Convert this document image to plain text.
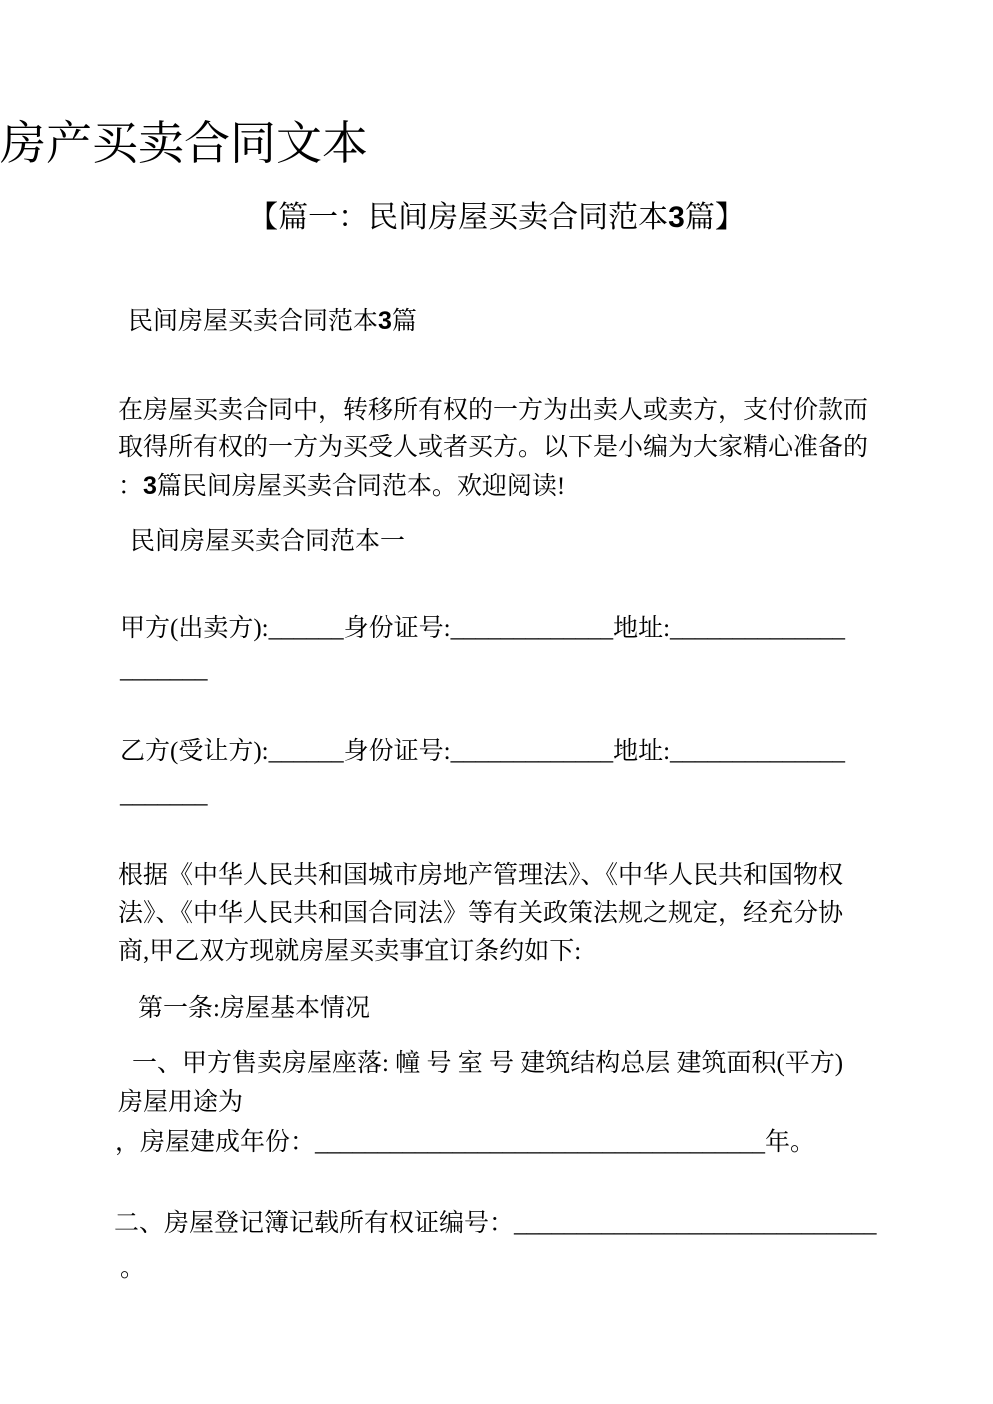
房产买卖合同文本
【篇一：民间房屋买卖合同范本3篇】
民间房屋买卖合同范本3篇
在房屋买卖合同中，转移所有权的一方为出卖人或卖方，支付价款而
取得所有权的一方为买受人或者买方。以下是小编为大家精心准备的
：3篇民间房屋买卖合同范本。欢迎阅读!
民间房屋买卖合同范本一
甲方(出卖方):______身份证号:_____________地址:______________
_______
乙方(受让方):______身份证号:_____________地址:______________
_______
根据《中华人民共和国城市房地产管理法》、《中华人民共和国物权
法》、《中华人民共和国合同法》等有关政策法规之规定，经充分协
商,甲乙双方现就房屋买卖事宜订条约如下:
第一条:房屋基本情况
一、甲方售卖房屋座落: 幢 号 室 号 建筑结构总层 建筑面积(平方)
房屋用途为
，房屋建成年份：____________________________________年。
二、房屋登记簿记载所有权证编号：_____________________________
。
